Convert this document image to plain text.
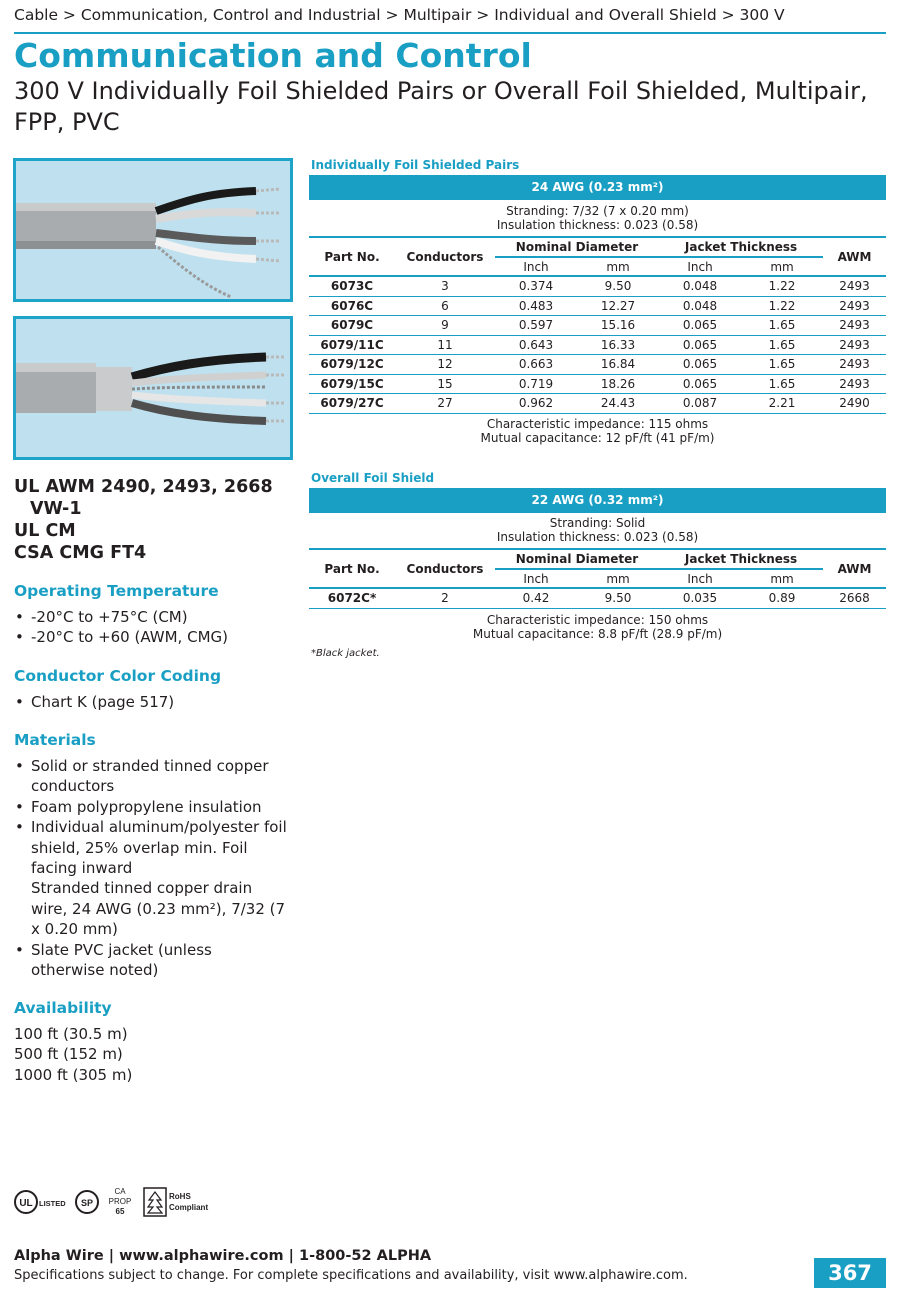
Cable > Communication, Control and Industrial > Multipair > Individual and Overall Shield > 300 V
Communication and Control
300 V Individually Foil Shielded Pairs or Overall Foil Shielded, Multipair, FPP, PVC
UL AWM 2490, 2493, 2668
VW-1
UL CM
CSA CMG FT4
Operating Temperature
• -20°C to +75°C (CM)
• -20°C to +60 (AWM, CMG)
Conductor Color Coding
• Chart K (page 517)
Materials
• Solid or stranded tinned copper conductors
• Foam polypropylene insulation
• Individual aluminum/polyester foil shield, 25% overlap min. Foil facing inward
Stranded tinned copper drain wire, 24 AWG (0.23 mm²), 7/32 (7 x 0.20 mm)
• Slate PVC jacket (unless otherwise noted)
Availability
100 ft (30.5 m)
500 ft (152 m)
1000 ft (305 m)
Individually Foil Shielded Pairs
24 AWG (0.23 mm²)
Stranding: 7/32 (7 x 0.20 mm)
Insulation thickness: 0.023 (0.58)
Part No.	Conductors	Nominal Diameter		Jacket Thickness		AWM
		Inch	mm	Inch	mm	
6073C	3	0.374	9.50	0.048	1.22	2493
6076C	6	0.483	12.27	0.048	1.22	2493
6079C	9	0.597	15.16	0.065	1.65	2493
6079/11C	11	0.643	16.33	0.065	1.65	2493
6079/12C	12	0.663	16.84	0.065	1.65	2493
6079/15C	15	0.719	18.26	0.065	1.65	2493
6079/27C	27	0.962	24.43	0.087	2.21	2490
Characteristic impedance: 115 ohms
Mutual capacitance: 12 pF/ft (41 pF/m)
Overall Foil Shield
22 AWG (0.32 mm²)
Stranding: Solid
Insulation thickness: 0.023 (0.58)
Part No.	Conductors	Nominal Diameter		Jacket Thickness		AWM
		Inch	mm	Inch	mm	
6072C*	2	0.42	9.50	0.035	0.89	2668
Characteristic impedance: 150 ohms
Mutual capacitance: 8.8 pF/ft (28.9 pF/m)
*Black jacket.
UL LISTED SP
CA
PROP
65
RoHS
Compliant
Alpha Wire | www.alphawire.com | 1-800-52 ALPHA
Specifications subject to change. For complete specifications and availability, visit www.alphawire.com.	367
